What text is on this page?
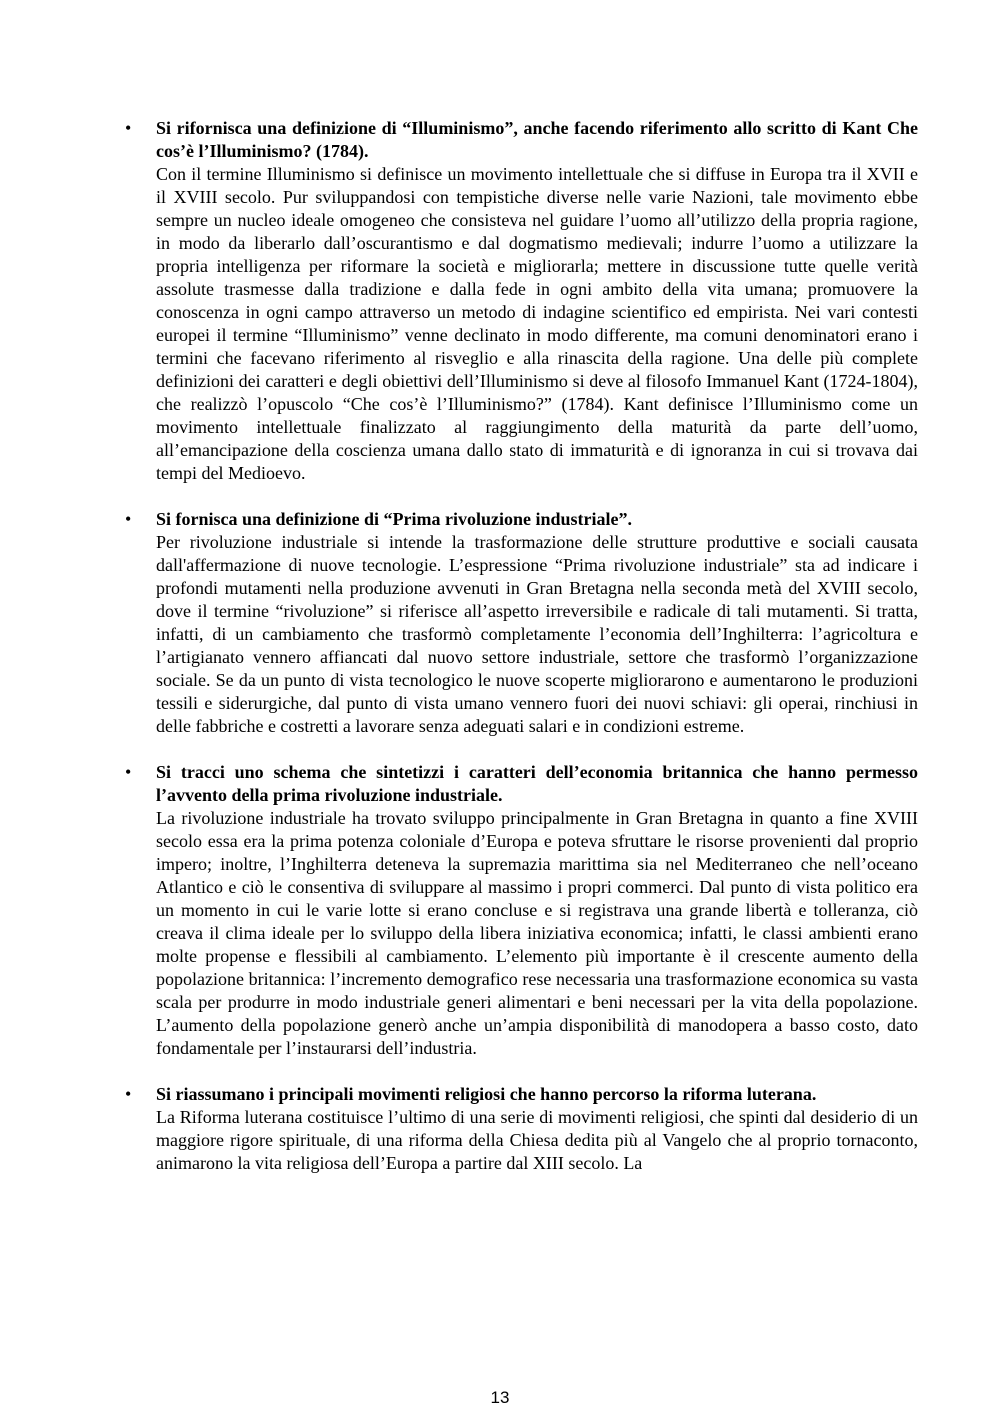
• Si rifornisca una definizione di “Illuminismo”, anche facendo riferimento allo scritto di Kant Che cos’è l’Illuminismo? (1784).

Con il termine Illuminismo si definisce un movimento intellettuale che si diffuse in Europa tra il XVII e il XVIII secolo. Pur sviluppandosi con tempistiche diverse nelle varie Nazioni, tale movimento ebbe sempre un nucleo ideale omogeneo che consisteva nel guidare l’uomo all’utilizzo della propria ragione, in modo da liberarlo dall’oscurantismo e dal dogmatismo medievali; indurre l’uomo a utilizzare la propria intelligenza per riformare la società e migliorarla; mettere in discussione tutte quelle verità assolute trasmesse dalla tradizione e dalla fede in ogni ambito della vita umana; promuovere la conoscenza in ogni campo attraverso un metodo di indagine scientifico ed empirista. Nei vari contesti europei il termine “Illuminismo” venne declinato in modo differente, ma comuni denominatori erano i termini che facevano riferimento al risveglio e alla rinascita della ragione. Una delle più complete definizioni dei caratteri e degli obiettivi dell’Illuminismo si deve al filosofo Immanuel Kant (1724-1804), che realizzò l’opuscolo “Che cos’è l’Illuminismo?” (1784). Kant definisce l’Illuminismo come un movimento intellettuale finalizzato al raggiungimento della maturità da parte dell’uomo, all’emancipazione della coscienza umana dallo stato di immaturità e di ignoranza in cui si trovava dai tempi del Medioevo.

• Si fornisca una definizione di “Prima rivoluzione industriale”.

Per rivoluzione industriale si intende la trasformazione delle strutture produttive e sociali causata dall'affermazione di nuove tecnologie. L’espressione “Prima rivoluzione industriale” sta ad indicare i profondi mutamenti nella produzione avvenuti in Gran Bretagna nella seconda metà del XVIII secolo, dove il termine “rivoluzione” si riferisce all’aspetto irreversibile e radicale di tali mutamenti. Si tratta, infatti, di un cambiamento che trasformò completamente l’economia dell’Inghilterra: l’agricoltura e l’artigianato vennero affiancati dal nuovo settore industriale, settore che trasformò l’organizzazione sociale. Se da un punto di vista tecnologico le nuove scoperte migliorarono e aumentarono le produzioni tessili e siderurgiche, dal punto di vista umano vennero fuori dei nuovi schiavi: gli operai, rinchiusi in delle fabbriche e costretti a lavorare senza adeguati salari e in condizioni estreme.

• Si tracci uno schema che sintetizzi i caratteri dell’economia britannica che hanno permesso l’avvento della prima rivoluzione industriale.

La rivoluzione industriale ha trovato sviluppo principalmente in Gran Bretagna in quanto a fine XVIII secolo essa era la prima potenza coloniale d’Europa e poteva sfruttare le risorse provenienti dal proprio impero; inoltre, l’Inghilterra deteneva la supremazia marittima sia nel Mediterraneo che nell’oceano Atlantico e ciò le consentiva di sviluppare al massimo i propri commerci. Dal punto di vista politico era un momento in cui le varie lotte si erano concluse e si registrava una grande libertà e tolleranza, ciò creava il clima ideale per lo sviluppo della libera iniziativa economica; infatti, le classi ambienti erano molte propense e flessibili al cambiamento. L’elemento più importante è il crescente aumento della popolazione britannica: l’incremento demografico rese necessaria una trasformazione economica su vasta scala per produrre in modo industriale generi alimentari e beni necessari per la vita della popolazione. L’aumento della popolazione generò anche un’ampia disponibilità di manodopera a basso costo, dato fondamentale per l’instaurarsi dell’industria.

• Si riassumano i principali movimenti religiosi che hanno percorso la riforma luterana.

La Riforma luterana costituisce l’ultimo di una serie di movimenti religiosi, che spinti dal desiderio di un maggiore rigore spirituale, di una riforma della Chiesa dedita più al Vangelo che al proprio tornaconto, animarono la vita religiosa dell’Europa a partire dal XIII secolo. La

13
